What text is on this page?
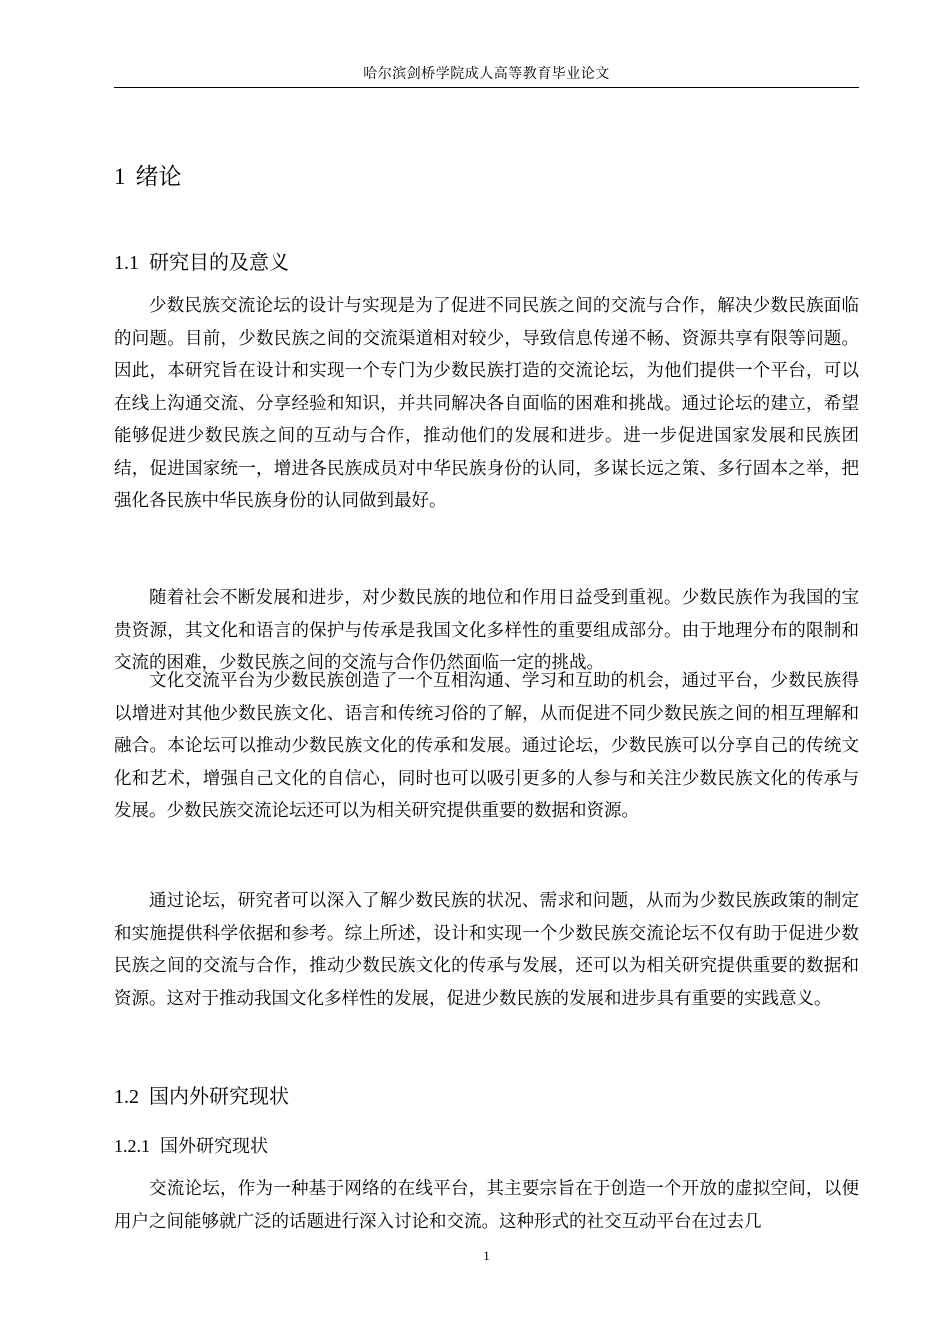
哈尔滨剑桥学院成人高等教育毕业论文
1 绪论
1.1 研究目的及意义

少数民族交流论坛的设计与实现是为了促进不同民族之间的交流与合作，解决少数民族面临的问题。目前，少数民族之间的交流渠道相对较少，导致信息传递不畅、资源共享有限等问题。因此，本研究旨在设计和实现一个专门为少数民族打造的交流论坛，为他们提供一个平台，可以在线上沟通交流、分享经验和知识，并共同解决各自面临的困难和挑战。通过论坛的建立，希望能够促进少数民族之间的互动与合作，推动他们的发展和进步。进一步促进国家发展和民族团结，促进国家统一，增进各民族成员对中华民族身份的认同，多谋长远之策、多行固本之举，把强化各民族中华民族身份的认同做到最好。

随着社会不断发展和进步，对少数民族的地位和作用日益受到重视。少数民族作为我国的宝贵资源，其文化和语言的保护与传承是我国文化多样性的重要组成部分。由于地理分布的限制和交流的困难，少数民族之间的交流与合作仍然面临一定的挑战。

文化交流平台为少数民族创造了一个互相沟通、学习和互助的机会，通过平台，少数民族得以增进对其他少数民族文化、语言和传统习俗的了解，从而促进不同少数民族之间的相互理解和融合。本论坛可以推动少数民族文化的传承和发展。通过论坛，少数民族可以分享自己的传统文化和艺术，增强自己文化的自信心，同时也可以吸引更多的人参与和关注少数民族文化的传承与发展。少数民族交流论坛还可以为相关研究提供重要的数据和资源。

通过论坛，研究者可以深入了解少数民族的状况、需求和问题，从而为少数民族政策的制定和实施提供科学依据和参考。综上所述，设计和实现一个少数民族交流论坛不仅有助于促进少数民族之间的交流与合作，推动少数民族文化的传承与发展，还可以为相关研究提供重要的数据和资源。这对于推动我国文化多样性的发展，促进少数民族的发展和进步具有重要的实践意义。

1.2 国内外研究现状
1.2.1 国外研究现状

交流论坛，作为一种基于网络的在线平台，其主要宗旨在于创造一个开放的虚拟空间，以便用户之间能够就广泛的话题进行深入讨论和交流。这种形式的社交互动平台在过去几

1
